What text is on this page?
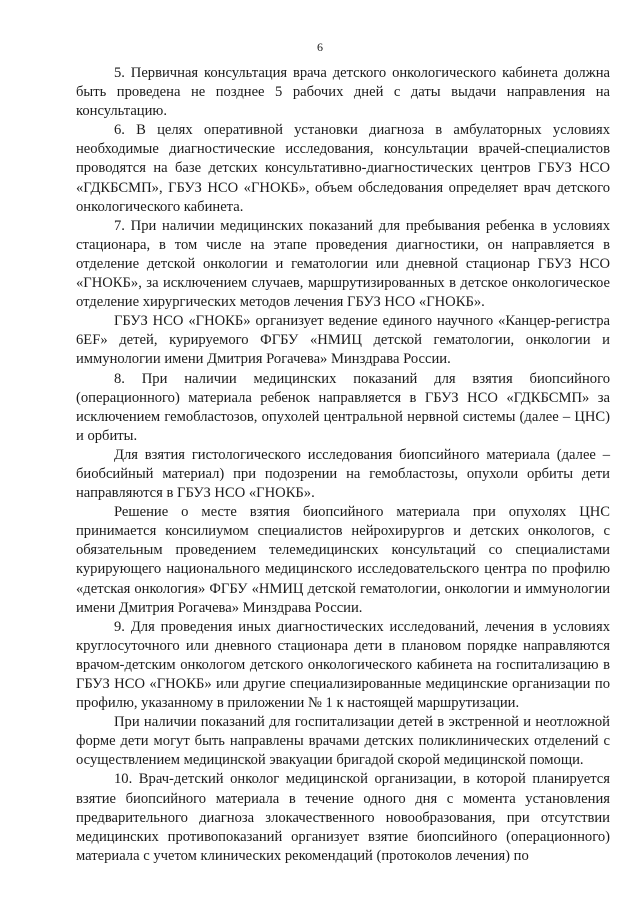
6

5. Первичная консультация врача детского онкологического кабинета должна быть проведена не позднее 5 рабочих дней с даты выдачи направления на консультацию.

6. В целях оперативной установки диагноза в амбулаторных условиях необходимые диагностические исследования, консультации врачей-специалистов проводятся на базе детских консультативно-диагностических центров ГБУЗ НСО «ГДКБСМП», ГБУЗ НСО «ГНОКБ», объем обследования определяет врач детского онкологического кабинета.

7. При наличии медицинских показаний для пребывания ребенка в условиях стационара, в том числе на этапе проведения диагностики, он направляется в отделение детской онкологии и гематологии или дневной стационар ГБУЗ НСО «ГНОКБ», за исключением случаев, маршрутизированных в детское онкологическое отделение хирургических методов лечения ГБУЗ НСО «ГНОКБ».

ГБУЗ НСО «ГНОКБ» организует ведение единого научного «Канцер-регистра 6EF» детей, курируемого ФГБУ «НМИЦ детской гематологии, онкологии и иммунологии имени Дмитрия Рогачева» Минздрава России.

8. При наличии медицинских показаний для взятия биопсийного (операционного) материала ребенок направляется в ГБУЗ НСО «ГДКБСМП» за исключением гемобластозов, опухолей центральной нервной системы (далее – ЦНС) и орбиты.

Для взятия гистологического исследования биопсийного материала (далее – биобсийный материал) при подозрении на гемобластозы, опухоли орбиты дети направляются в ГБУЗ НСО «ГНОКБ».

Решение о месте взятия биопсийного материала при опухолях ЦНС принимается консилиумом специалистов нейрохирургов и детских онкологов, с обязательным проведением телемедицинских консультаций со специалистами курирующего национального медицинского исследовательского центра по профилю «детская онкология» ФГБУ «НМИЦ детской гематологии, онкологии и иммунологии имени Дмитрия Рогачева» Минздрава России.

9. Для проведения иных диагностических исследований, лечения в условиях круглосуточного или дневного стационара дети в плановом порядке направляются врачом-детским онкологом детского онкологического кабинета на госпитализацию в ГБУЗ НСО «ГНОКБ» или другие специализированные медицинские организации по профилю, указанному в приложении № 1 к настоящей маршрутизации.

При наличии показаний для госпитализации детей в экстренной и неотложной форме дети могут быть направлены врачами детских поликлинических отделений с осуществлением медицинской эвакуации бригадой скорой медицинской помощи.

10. Врач-детский онколог медицинской организации, в которой планируется взятие биопсийного материала в течение одного дня с момента установления предварительного диагноза злокачественного новообразования, при отсутствии медицинских противопоказаний организует взятие биопсийного (операционного) материала с учетом клинических рекомендаций (протоколов лечения) по
